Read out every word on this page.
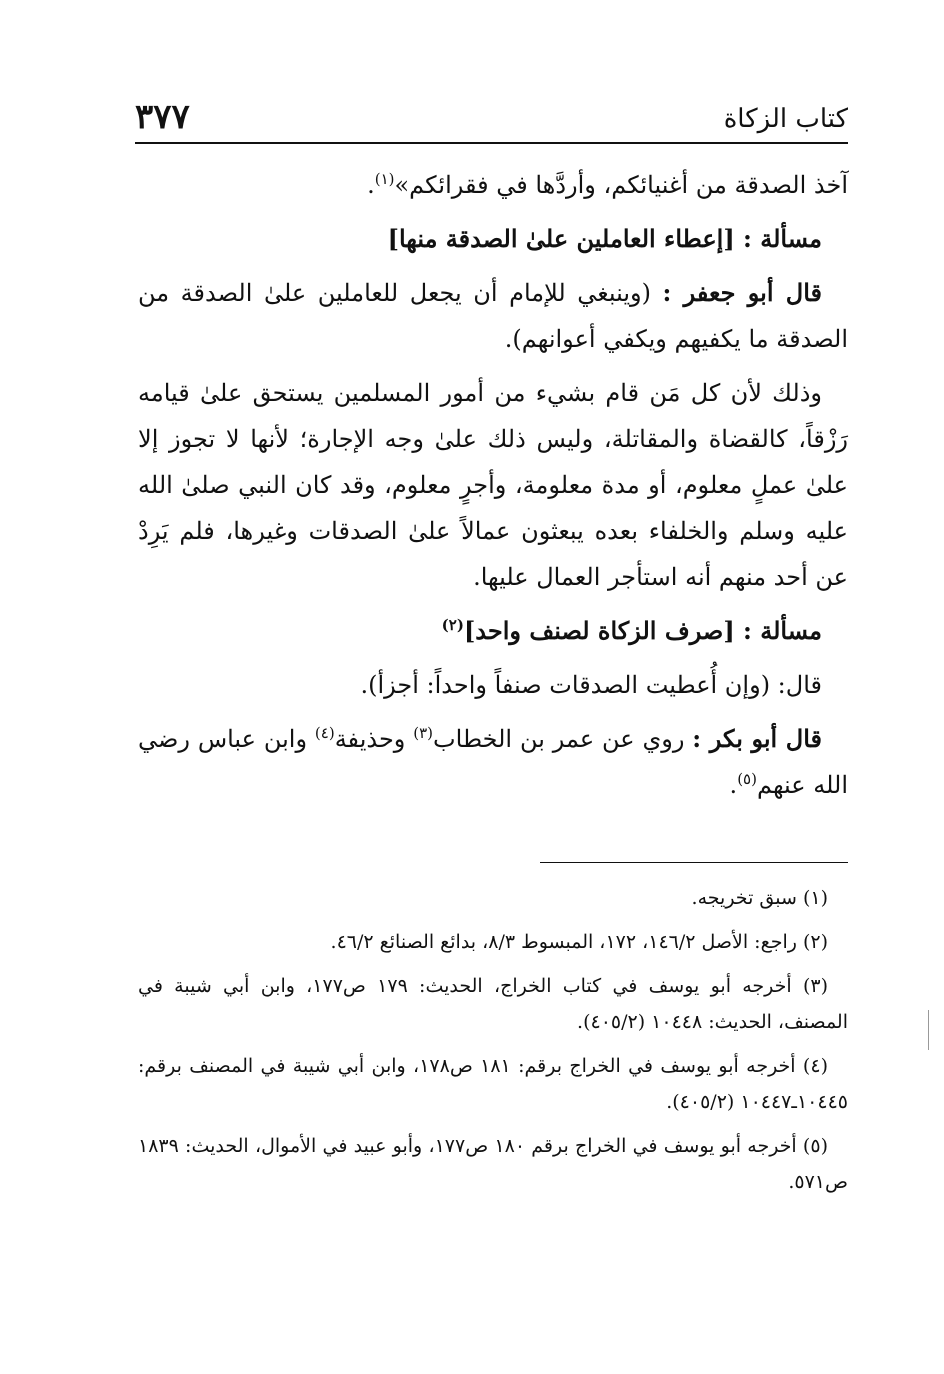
كتاب الزكاة
٣٧٧

آخذ الصدقة من أغنيائكم، وأردَّها في فقرائكم»$^{(١)}$.

مسألة : [إعطاء العاملين علىٰ الصدقة منها]

قال أبو جعفر : (وينبغي للإمام أن يجعل للعاملين علىٰ الصدقة من الصدقة ما يكفيهم ويكفي أعوانهم).

وذلك لأن كل مَن قام بشيء من أمور المسلمين يستحق علىٰ قيامه رَزْقاً، كالقضاة والمقاتلة، وليس ذلك علىٰ وجه الإجارة؛ لأنها لا تجوز إلا علىٰ عملٍ معلوم، أو مدة معلومة، وأجرٍ معلوم، وقد كان النبي صلىٰ الله عليه وسلم والخلفاء بعده يبعثون عمالاً علىٰ الصدقات وغيرها، فلم يَرِدْ عن أحد منهم أنه استأجر العمال عليها.

مسألة : [صرف الزكاة لصنف واحد]$^{(٢)}$

قال: (وإن أُعطيت الصدقات صنفاً واحداً: أجزأ).

قال أبو بكر : روي عن عمر بن الخطاب$^{(٣)}$ وحذيفة$^{(٤)}$ وابن عباس رضي الله عنهم$^{(٥)}$.

(١) سبق تخريجه.

(٢) راجع: الأصل ١٤٦/٢، ١٧٢، المبسوط ٨/٣، بدائع الصنائع ٤٦/٢.

(٣) أخرجه أبو يوسف في كتاب الخراج، الحديث: ١٧٩ ص١٧٧، وابن أبي شيبة في المصنف، الحديث: ١٠٤٤٨ (٤٠٥/٢).

(٤) أخرجه أبو يوسف في الخراج برقم: ١٨١ ص١٧٨، وابن أبي شيبة في المصنف برقم: ١٠٤٤٥ـ١٠٤٤٧ (٤٠٥/٢).

(٥) أخرجه أبو يوسف في الخراج برقم ١٨٠ ص١٧٧، وأبو عبيد في الأموال، الحديث: ١٨٣٩ ص٥٧١.
